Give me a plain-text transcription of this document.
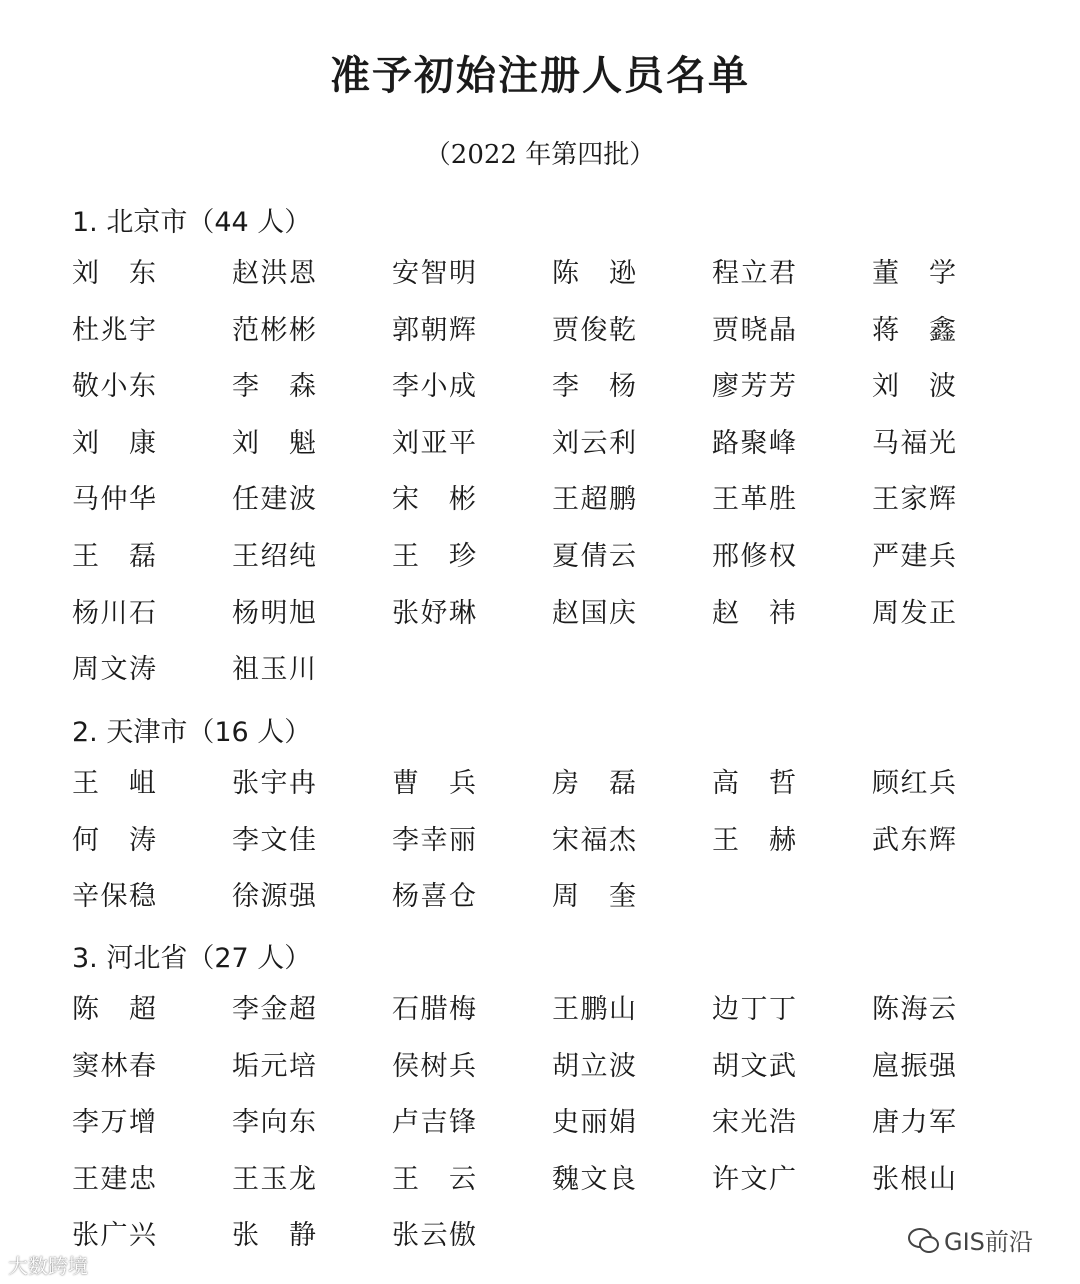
准予初始注册人员名单
（2022 年第四批）
1. 北京市（44 人）
刘 东	赵 洪 恩	安 智 明	陈 逊	程 立 君	董 学
杜 兆 宇	范 彬 彬	郭 朝 辉	贾 俊 乾	贾 晓 晶	蒋 鑫
敬 小 东	李 森	李 小 成	李 杨	廖 芳 芳	刘 波
刘 康	刘 魁	刘 亚 平	刘 云 利	路 聚 峰	马 福 光
马 仲 华	任 建 波	宋 彬	王 超 鹏	王 革 胜	王 家 辉
王 磊	王 绍 纯	王 珍	夏 倩 云	邢 修 权	严 建 兵
杨 川 石	杨 明 旭	张 妤 琳	赵 国 庆	赵 祎	周 发 正
周 文 涛	祖 玉 川
2. 天津市（16 人）
王 岨	张 宇 冉	曹 兵	房 磊	高 哲	顾 红 兵
何 涛	李 文 佳	李 幸 丽	宋 福 杰	王 赫	武 东 辉
辛 保 稳	徐 源 强	杨 喜 仓	周 奎
3. 河北省（27 人）
陈 超	李 金 超	石 腊 梅	王 鹏 山	边 丁 丁	陈 海 云
窦 林 春	垢 元 培	侯 树 兵	胡 立 波	胡 文 武	扈 振 强
李 万 增	李 向 东	卢 吉 锋	史 丽 娟	宋 光 浩	唐 力 军
王 建 忠	王 玉 龙	王 云	魏 文 良	许 文 广	张 根 山
张 广 兴	张 静	张 云 傲
大数跨境
GIS前沿
